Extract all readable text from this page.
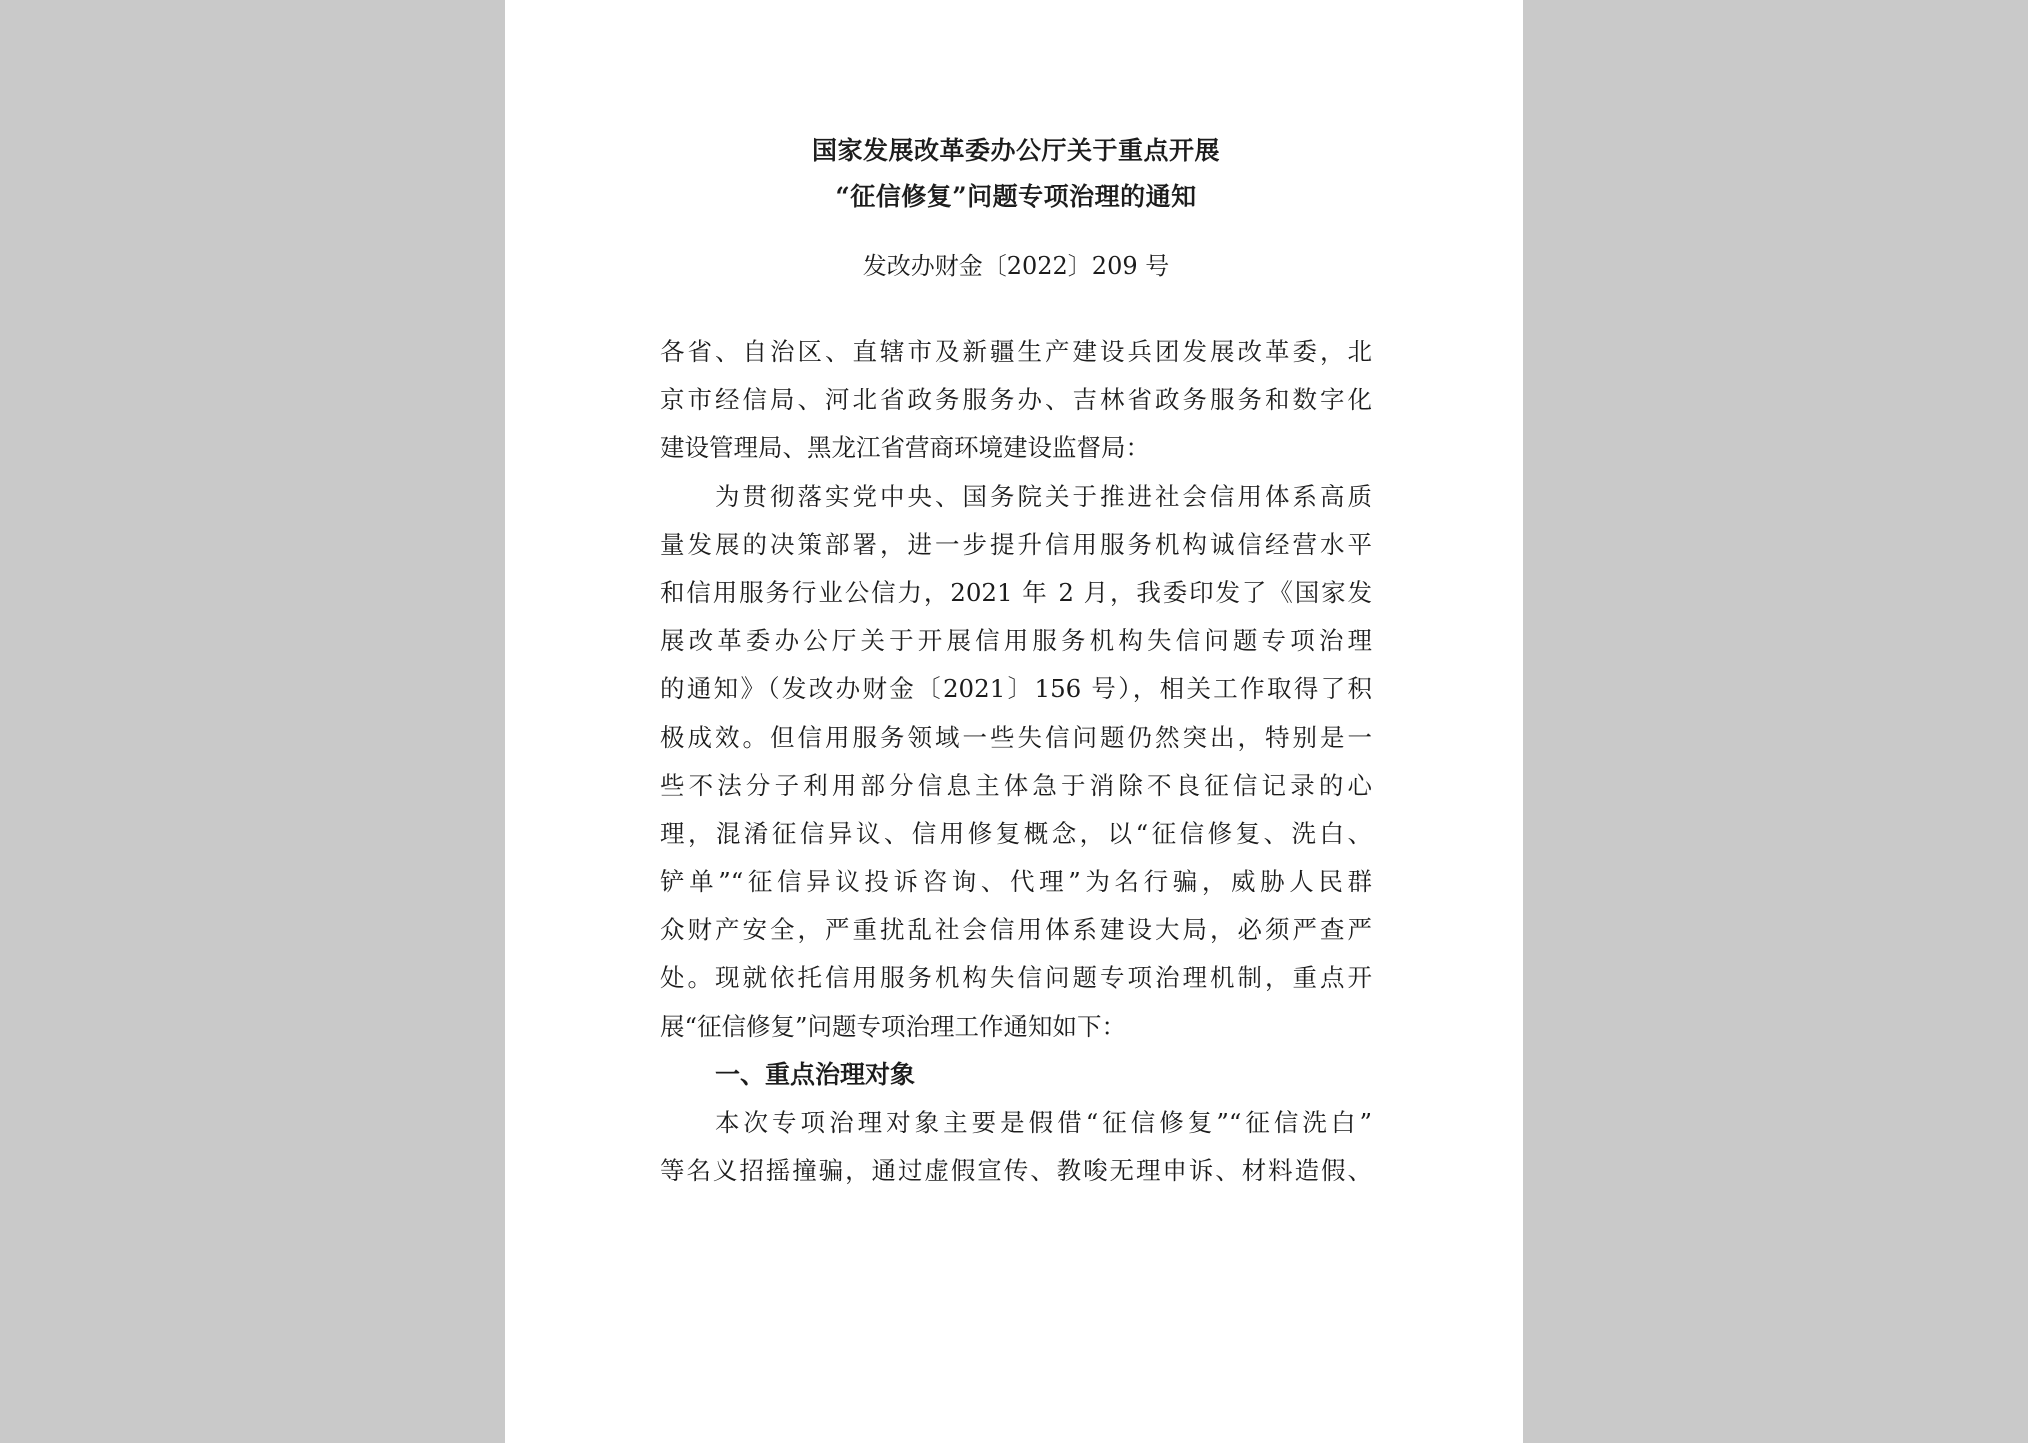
国家发展改革委办公厅关于重点开展
“征信修复”问题专项治理的通知
发改办财金〔2022〕209 号
各省、自治区、直辖市及新疆生产建设兵团发展改革委，北
京市经信局、河北省政务服务办、吉林省政务服务和数字化
建设管理局、黑龙江省营商环境建设监督局：
为贯彻落实党中央、国务院关于推进社会信用体系高质
量发展的决策部署，进一步提升信用服务机构诚信经营水平
和信用服务行业公信力，2021 年 2 月，我委印发了《国家发
展改革委办公厅关于开展信用服务机构失信问题专项治理
的通知》（发改办财金〔2021〕156 号），相关工作取得了积
极成效。但信用服务领域一些失信问题仍然突出，特别是一
些不法分子利用部分信息主体急于消除不良征信记录的心
理，混淆征信异议、信用修复概念，以“征信修复、洗白、
铲单”“征信异议投诉咨询、代理”为名行骗，威胁人民群
众财产安全，严重扰乱社会信用体系建设大局，必须严查严
处。现就依托信用服务机构失信问题专项治理机制，重点开
展“征信修复”问题专项治理工作通知如下：
一、重点治理对象
本次专项治理对象主要是假借“征信修复”“征信洗白”
等名义招摇撞骗，通过虚假宣传、教唆无理申诉、材料造假、
